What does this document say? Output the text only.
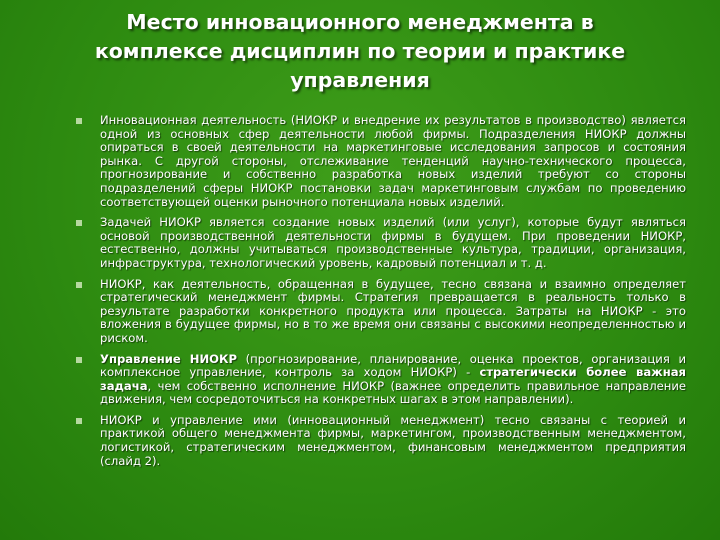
Место инновационного менеджмента в
комплексе дисциплин по теории и практике
управления
Инновационная деятельность (НИОКР и внедрение их результатов в производство) является одной из основных сфер деятельности любой фирмы. Подразделения НИОКР должны опираться в своей деятельности на маркетинговые исследования запросов и состояния рынка. С другой стороны, отслеживание тенденций научно-технического процесса, прогнозирование и собственно разработка новых изделий требуют со стороны подразделений сферы НИОКР постановки задач маркетинговым службам по проведению соответствующей оценки рыночного потенциала новых изделий.
Задачей НИОКР является создание новых изделий (или услуг), которые будут являться основой производственной деятельности фирмы в будущем. При проведении НИОКР, естественно, должны учитываться производственные культура, традиции, организация, инфраструктура, технологический уровень, кадровый потенциал и т. д.
НИОКР, как деятельность, обращенная в будущее, тесно связана и взаимно определяет стратегический менеджмент фирмы. Стратегия превращается в реальность только в результате разработки конкретного продукта или процесса. Затраты на НИОКР - это вложения в будущее фирмы, но в то же время они связаны с высокими неопределенностью и риском.
Управление НИОКР (прогнозирование, планирование, оценка проектов, организация и комплексное управление, контроль за ходом НИОКР) - стратегически более важная задача, чем собственно исполнение НИОКР (важнее определить правильное направление движения, чем сосредоточиться на конкретных шагах в этом направлении).
НИОКР и управление ими (инновационный менеджмент) тесно связаны с теорией и практикой общего менеджмента фирмы, маркетингом, производственным менеджментом, логистикой, стратегическим менеджментом, финансовым менеджментом предприятия (слайд 2).
